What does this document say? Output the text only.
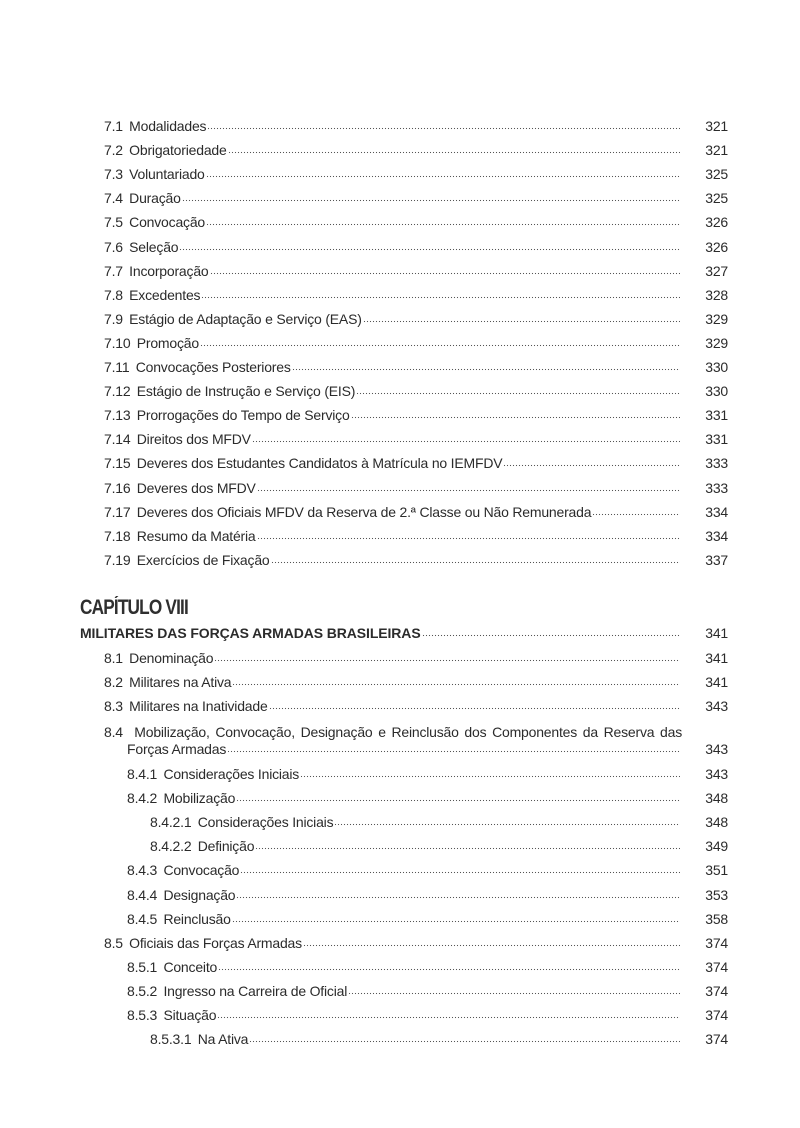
CAPÍTULO VIII
MILITARES DAS FORÇAS ARMADAS BRASILEIRAS	341
8.4 Mobilização, Convocação, Designação e Reinclusão dos Componentes da Reserva das
Forças Armadas	343
7.1 Modalidades	321
7.2 Obrigatoriedade	321
7.3 Voluntariado	325
7.4 Duração	325
7.5 Convocação	326
7.6 Seleção	326
7.7 Incorporação	327
7.8 Excedentes	328
7.9 Estágio de Adaptação e Serviço (EAS)	329
7.10 Promoção	329
7.11 Convocações Posteriores	330
7.12 Estágio de Instrução e Serviço (EIS)	330
7.13 Prorrogações do Tempo de Serviço	331
7.14 Direitos dos MFDV	331
7.15 Deveres dos Estudantes Candidatos à Matrícula no IEMFDV	333
7.16 Deveres dos MFDV	333
7.17 Deveres dos Oficiais MFDV da Reserva de 2.ª Classe ou Não Remunerada	334
7.18 Resumo da Matéria	334
7.19 Exercícios de Fixação	337
8.1 Denominação	341
8.2 Militares na Ativa	341
8.3 Militares na Inatividade	343
8.4.1 Considerações Iniciais	343
8.4.2 Mobilização	348
8.4.2.1 Considerações Iniciais	348
8.4.2.2 Definição	349
8.4.3 Convocação	351
8.4.4 Designação	353
8.4.5 Reinclusão	358
8.5 Oficiais das Forças Armadas	374
8.5.1 Conceito	374
8.5.2 Ingresso na Carreira de Oficial	374
8.5.3 Situação	374
8.5.3.1 Na Ativa	374
